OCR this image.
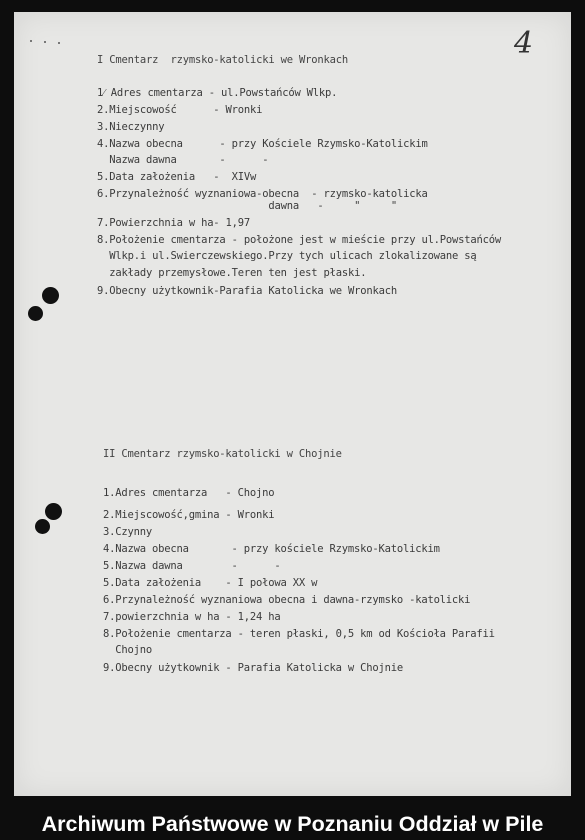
4
I Cmentarz  rzymsko-katolicki we Wronkach
1⁄ Adres cmentarza - ul.Powstańców Wlkp.
2.Miejscowość      - Wronki
3.Nieczynny
4.Nazwa obecna      - przy Kościele Rzymsko-Katolickim
Nazwa dawna       -      -
5.Data założenia   -  XIVw
6.Przynależność wyznaniowa-obecna  - rzymsko-katolicka
dawna   -     "     "
7.Powierzchnia w ha- 1,97
8.Położenie cmentarza - położone jest w mieście przy ul.Powstańców
Wlkp.i ul.Swierczewskiego.Przy tych ulicach zlokalizowane są
zakłady przemysłowe.Teren ten jest płaski.
9.Obecny użytkownik-Parafia Katolicka we Wronkach
II Cmentarz rzymsko-katolicki w Chojnie
1.Adres cmentarza   - Chojno
2.Miejscowość,gmina - Wronki
3.Czynny
4.Nazwa obecna       - przy kościele Rzymsko-Katolickim
5.Nazwa dawna        -      -
5.Data założenia    - I połowa XX w
6.Przynależność wyznaniowa obecna i dawna-rzymsko -katolicki
7.powierzchnia w ha - 1,24 ha
8.Położenie cmentarza - teren płaski, 0,5 km od Kościoła Parafii
Chojno
9.Obecny użytkownik - Parafia Katolicka w Chojnie
Archiwum Państwowe w Poznaniu Oddział w Pile
